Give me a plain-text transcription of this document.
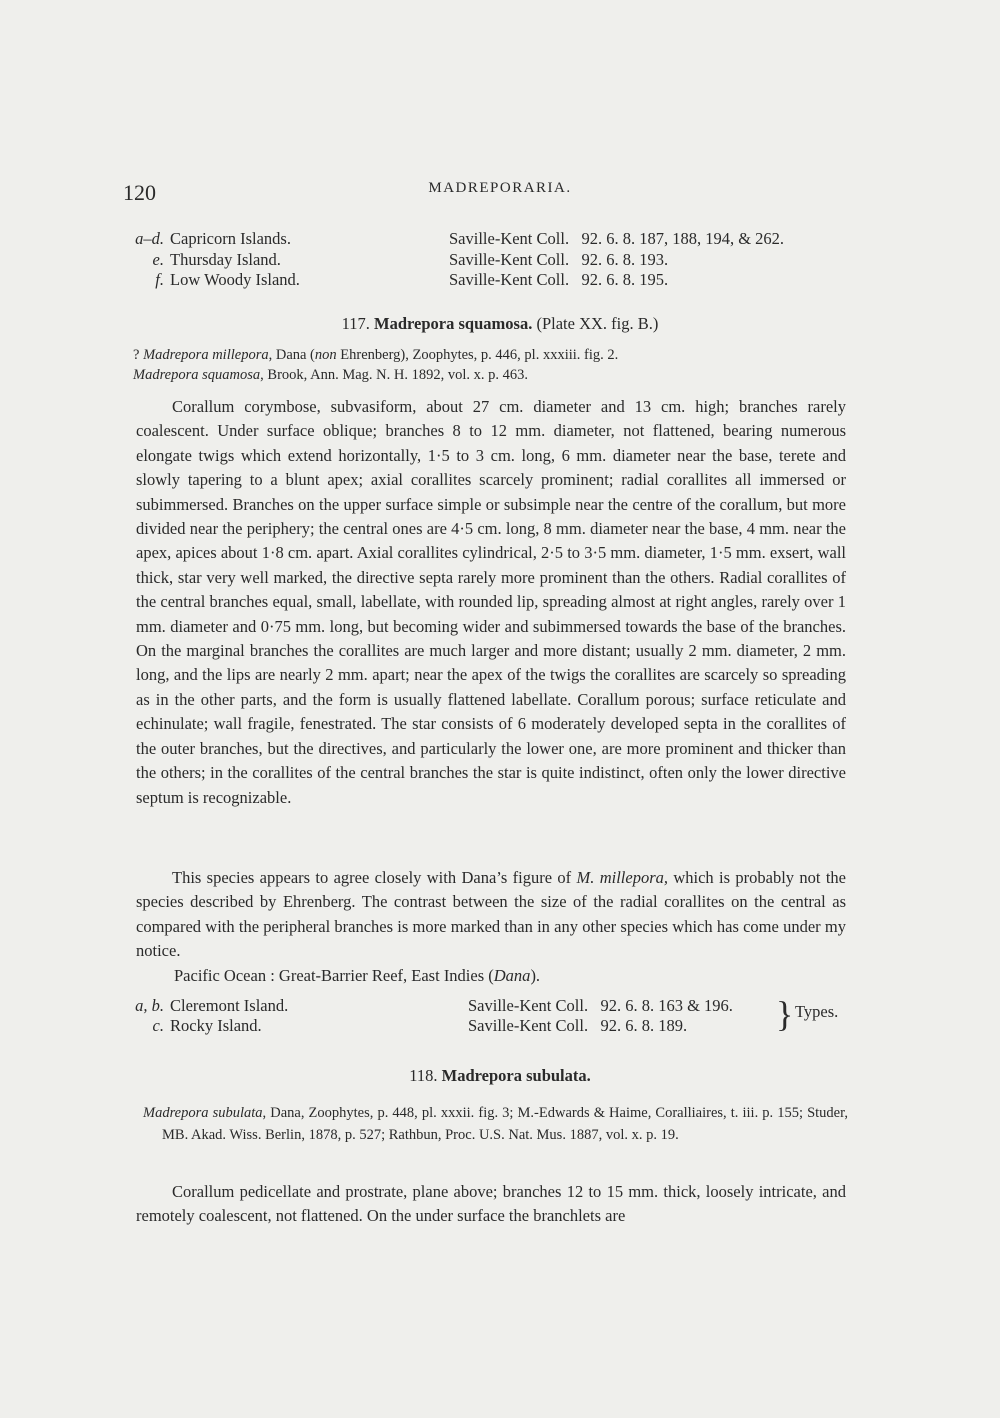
120	MADREPORARIA.
a–d. Capricorn Islands.	Saville-Kent Coll.   92. 6. 8. 187, 188, 194, & 262.
e. Thursday Island.	Saville-Kent Coll.   92. 6. 8. 193.
f. Low Woody Island.	Saville-Kent Coll.   92. 6. 8. 195.
117. Madrepora squamosa. (Plate XX. fig. B.)
? Madrepora millepora, Dana (non Ehrenberg), Zoophytes, p. 446, pl. xxxiii. fig. 2.
Madrepora squamosa, Brook, Ann. Mag. N. H. 1892, vol. x. p. 463.
Corallum corymbose, subvasiform, about 27 cm. diameter and 13 cm. high; branches rarely coalescent. Under surface oblique; branches 8 to 12 mm. diameter, not flattened, bearing numerous elongate twigs which extend horizontally, 1·5 to 3 cm. long, 6 mm. diameter near the base, terete and slowly tapering to a blunt apex; axial corallites scarcely prominent; radial corallites all immersed or subimmersed. Branches on the upper surface simple or subsimple near the centre of the corallum, but more divided near the periphery; the central ones are 4·5 cm. long, 8 mm. diameter near the base, 4 mm. near the apex, apices about 1·8 cm. apart. Axial corallites cylindrical, 2·5 to 3·5 mm. diameter, 1·5 mm. exsert, wall thick, star very well marked, the directive septa rarely more prominent than the others. Radial corallites of the central branches equal, small, labellate, with rounded lip, spreading almost at right angles, rarely over 1 mm. diameter and 0·75 mm. long, but becoming wider and subimmersed towards the base of the branches. On the marginal branches the corallites are much larger and more distant; usually 2 mm. diameter, 2 mm. long, and the lips are nearly 2 mm. apart; near the apex of the twigs the corallites are scarcely so spreading as in the other parts, and the form is usually flattened labellate. Corallum porous; surface reticulate and echinulate; wall fragile, fenestrated. The star consists of 6 moderately developed septa in the corallites of the outer branches, but the directives, and particularly the lower one, are more prominent and thicker than the others; in the corallites of the central branches the star is quite indistinct, often only the lower directive septum is recognizable.
This species appears to agree closely with Dana’s figure of M. millepora, which is probably not the species described by Ehrenberg. The contrast between the size of the radial corallites on the central as compared with the peripheral branches is more marked than in any other species which has come under my notice.
Pacific Ocean : Great-Barrier Reef, East Indies (Dana).
a, b. Cleremont Island.	Saville-Kent Coll.   92. 6. 8. 163 & 196.
c. Rocky Island.	Saville-Kent Coll.   92. 6. 8. 189. } Types.
118. Madrepora subulata.
Madrepora subulata, Dana, Zoophytes, p. 448, pl. xxxii. fig. 3; M.-Edwards & Haime, Coralliaires, t. iii. p. 155; Studer, MB. Akad. Wiss. Berlin, 1878, p. 527; Rathbun, Proc. U.S. Nat. Mus. 1887, vol. x. p. 19.
Corallum pedicellate and prostrate, plane above; branches 12 to 15 mm. thick, loosely intricate, and remotely coalescent, not flattened. On the under surface the branchlets are
